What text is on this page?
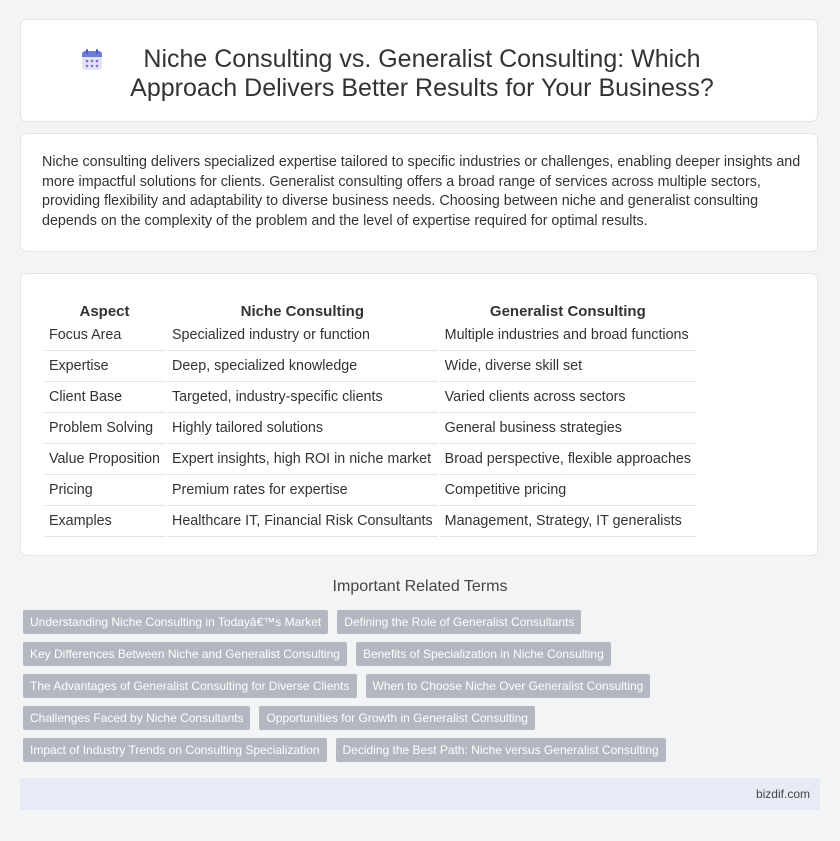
Niche Consulting vs. Generalist Consulting: Which Approach Delivers Better Results for Your Business?

Niche consulting delivers specialized expertise tailored to specific industries or challenges, enabling deeper insights and more impactful solutions for clients. Generalist consulting offers a broad range of services across multiple sectors, providing flexibility and adaptability to diverse business needs. Choosing between niche and generalist consulting depends on the complexity of the problem and the level of expertise required for optimal results.

Aspect	Niche Consulting	Generalist Consulting
Focus Area	Specialized industry or function	Multiple industries and broad functions
Expertise	Deep, specialized knowledge	Wide, diverse skill set
Client Base	Targeted, industry-specific clients	Varied clients across sectors
Problem Solving	Highly tailored solutions	General business strategies
Value Proposition	Expert insights, high ROI in niche market	Broad perspective, flexible approaches
Pricing	Premium rates for expertise	Competitive pricing
Examples	Healthcare IT, Financial Risk Consultants	Management, Strategy, IT generalists
Important Related Terms
Understanding Niche Consulting in Todayâ€™s Market	Defining the Role of Generalist Consultants
Key Differences Between Niche and Generalist Consulting	Benefits of Specialization in Niche Consulting
The Advantages of Generalist Consulting for Diverse Clients	When to Choose Niche Over Generalist Consulting
Challenges Faced by Niche Consultants	Opportunities for Growth in Generalist Consulting
Impact of Industry Trends on Consulting Specialization	Deciding the Best Path: Niche versus Generalist Consulting
bizdif.com
